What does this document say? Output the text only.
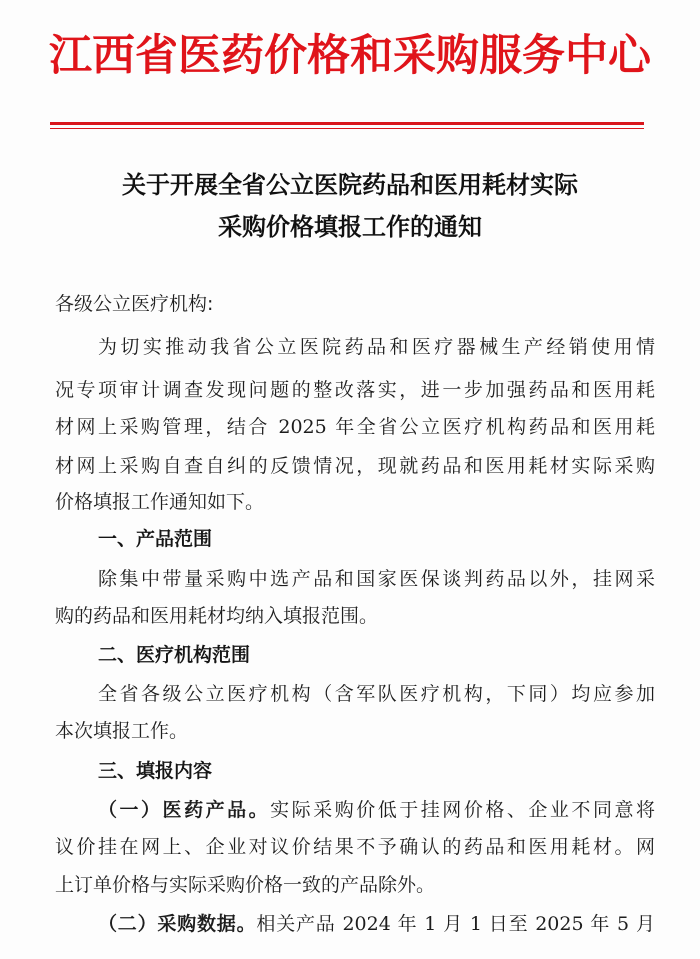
江西省医药价格和采购服务中心
关于开展全省公立医院药品和医用耗材实际
采购价格填报工作的通知
各级公立医疗机构:
为切实推动我省公立医院药品和医疗器械生产经销使用情
况专项审计调查发现问题的整改落实，进一步加强药品和医用耗
材网上采购管理，结合 2025 年全省公立医疗机构药品和医用耗
材网上采购自查自纠的反馈情况，现就药品和医用耗材实际采购
价格填报工作通知如下。
一、产品范围
除集中带量采购中选产品和国家医保谈判药品以外，挂网采
购的药品和医用耗材均纳入填报范围。
二、医疗机构范围
全省各级公立医疗机构（含军队医疗机构，下同）均应参加
本次填报工作。
三、填报内容
（一）医药产品。实际采购价低于挂网价格、企业不同意将
议价挂在网上、企业对议价结果不予确认的药品和医用耗材。网
上订单价格与实际采购价格一致的产品除外。
（二）采购数据。相关产品 2024 年 1 月 1 日至 2025 年 5 月
